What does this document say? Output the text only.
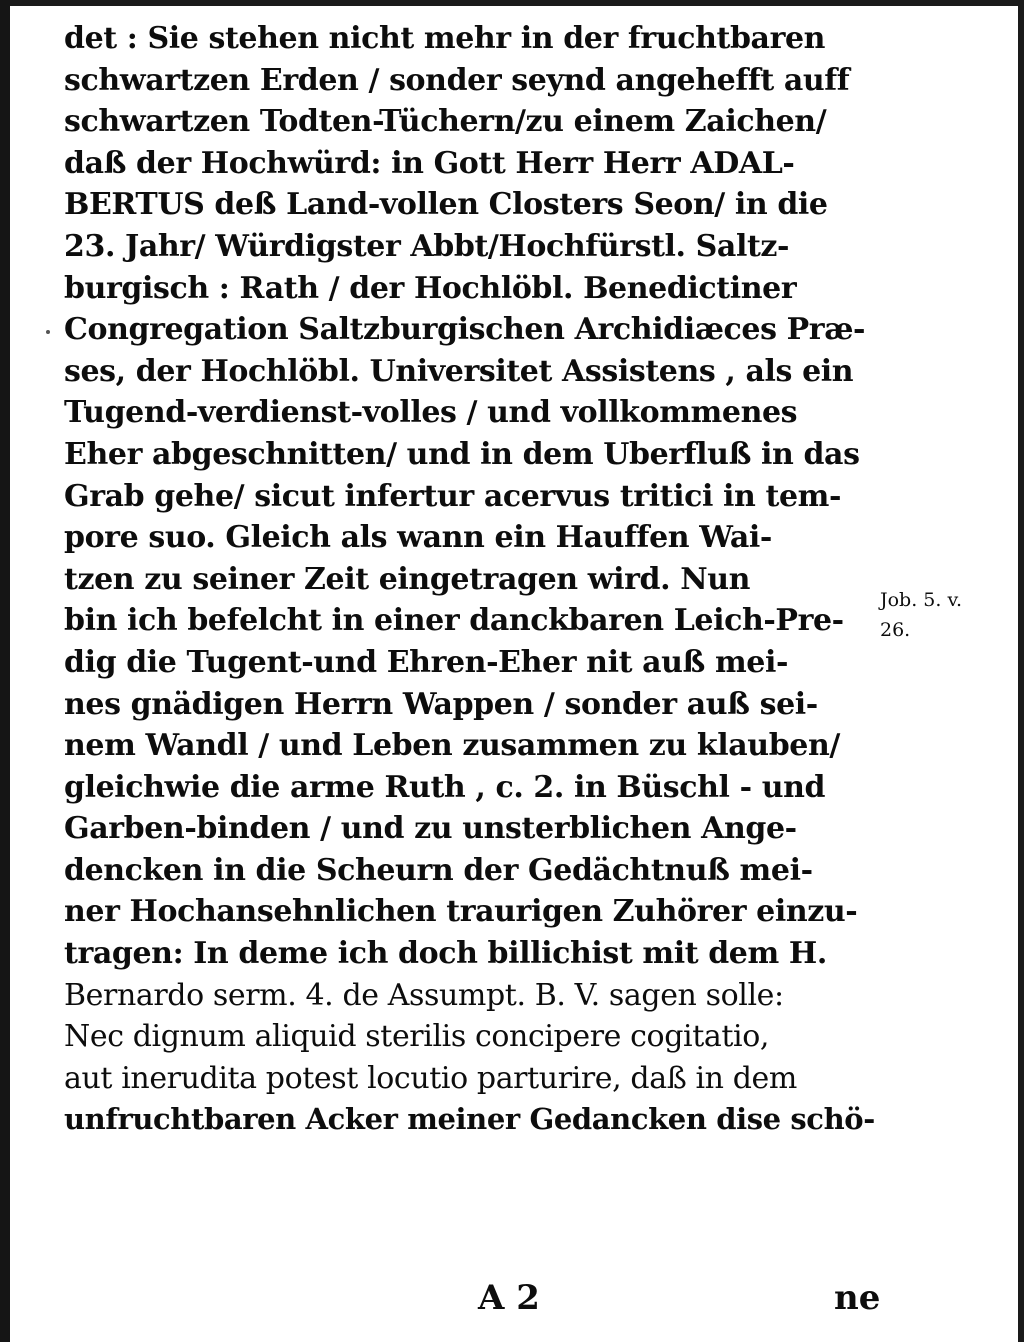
det : Sie stehen nicht mehr in der fruchtbaren
schwartzen Erden / sonder seynd angehefft auff
schwartzen Todten-Tüchern/zu einem Zaichen/
daß der Hochwürd: in Gott Herr Herr ADAL-
BERTUS deß Land-vollen Closters Seon/ in die
23. Jahr/ Würdigster Abbt/Hochfürstl. Saltz-
burgisch : Rath / der Hochlöbl. Benedictiner
Congregation Saltzburgischen Archidiæces Præ-
ses, der Hochlöbl. Universitet Assistens , als ein
Tugend-verdienst-volles / und vollkommenes
Eher abgeschnitten/ und in dem Uberfluß in das
Grab gehe/ sicut infertur acervus tritici in tem-
pore suo. Gleich als wann ein Hauffen Wai-
tzen zu seiner Zeit eingetragen wird. Nun
bin ich befelcht in einer danckbaren Leich-Pre-
dig die Tugent-und Ehren-Eher nit auß mei-
nes gnädigen Herrn Wappen / sonder auß sei-
nem Wandl / und Leben zusammen zu klauben/
gleichwie die arme Ruth , c. 2. in Büschl - und
Garben-binden / und zu unsterblichen Ange-
dencken in die Scheurn der Gedächtnuß mei-
ner Hochansehnlichen traurigen Zuhörer einzu-
tragen: In deme ich doch billichist mit dem H.
Bernardo serm. 4. de Assumpt. B. V. sagen solle:
Nec dignum aliquid sterilis concipere cogitatio,
aut inerudita potest locutio parturire, daß in dem
unfruchtbaren Acker meiner Gedancken dise schö-
Job. 5. v.
26.
A 2	ne
